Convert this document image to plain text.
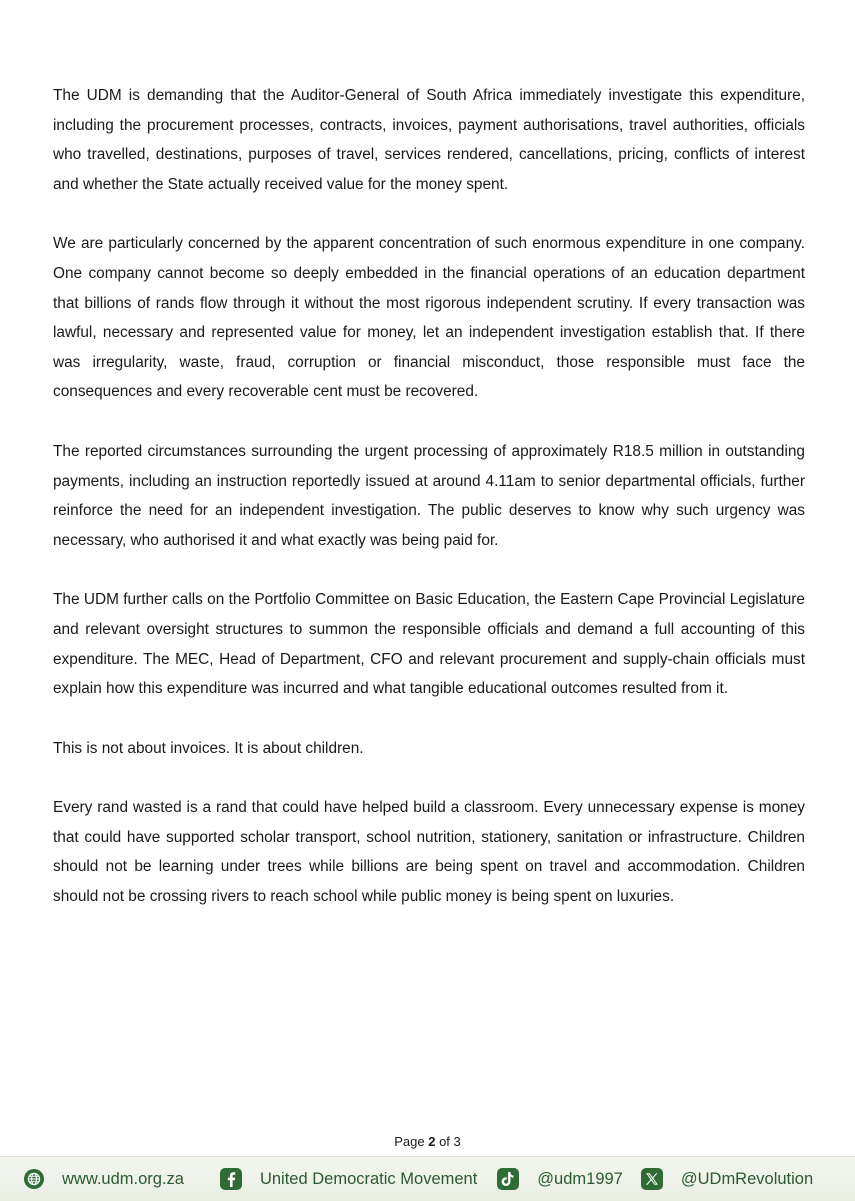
The UDM is demanding that the Auditor-General of South Africa immediately investigate this expenditure, including the procurement processes, contracts, invoices, payment authorisations, travel authorities, officials who travelled, destinations, purposes of travel, services rendered, cancellations, pricing, conflicts of interest and whether the State actually received value for the money spent.

We are particularly concerned by the apparent concentration of such enormous expenditure in one company. One company cannot become so deeply embedded in the financial operations of an education department that billions of rands flow through it without the most rigorous independent scrutiny. If every transaction was lawful, necessary and represented value for money, let an independent investigation establish that. If there was irregularity, waste, fraud, corruption or financial misconduct, those responsible must face the consequences and every recoverable cent must be recovered.

The reported circumstances surrounding the urgent processing of approximately R18.5 million in outstanding payments, including an instruction reportedly issued at around 4.11am to senior departmental officials, further reinforce the need for an independent investigation. The public deserves to know why such urgency was necessary, who authorised it and what exactly was being paid for.

The UDM further calls on the Portfolio Committee on Basic Education, the Eastern Cape Provincial Legislature and relevant oversight structures to summon the responsible officials and demand a full accounting of this expenditure. The MEC, Head of Department, CFO and relevant procurement and supply-chain officials must explain how this expenditure was incurred and what tangible educational outcomes resulted from it.

This is not about invoices. It is about children.

Every rand wasted is a rand that could have helped build a classroom. Every unnecessary expense is money that could have supported scholar transport, school nutrition, stationery, sanitation or infrastructure. Children should not be learning under trees while billions are being spent on travel and accommodation. Children should not be crossing rivers to reach school while public money is being spent on luxuries.

Page 2 of 3
www.udm.org.za	United Democratic Movement	@udm1997	@UDmRevolution
